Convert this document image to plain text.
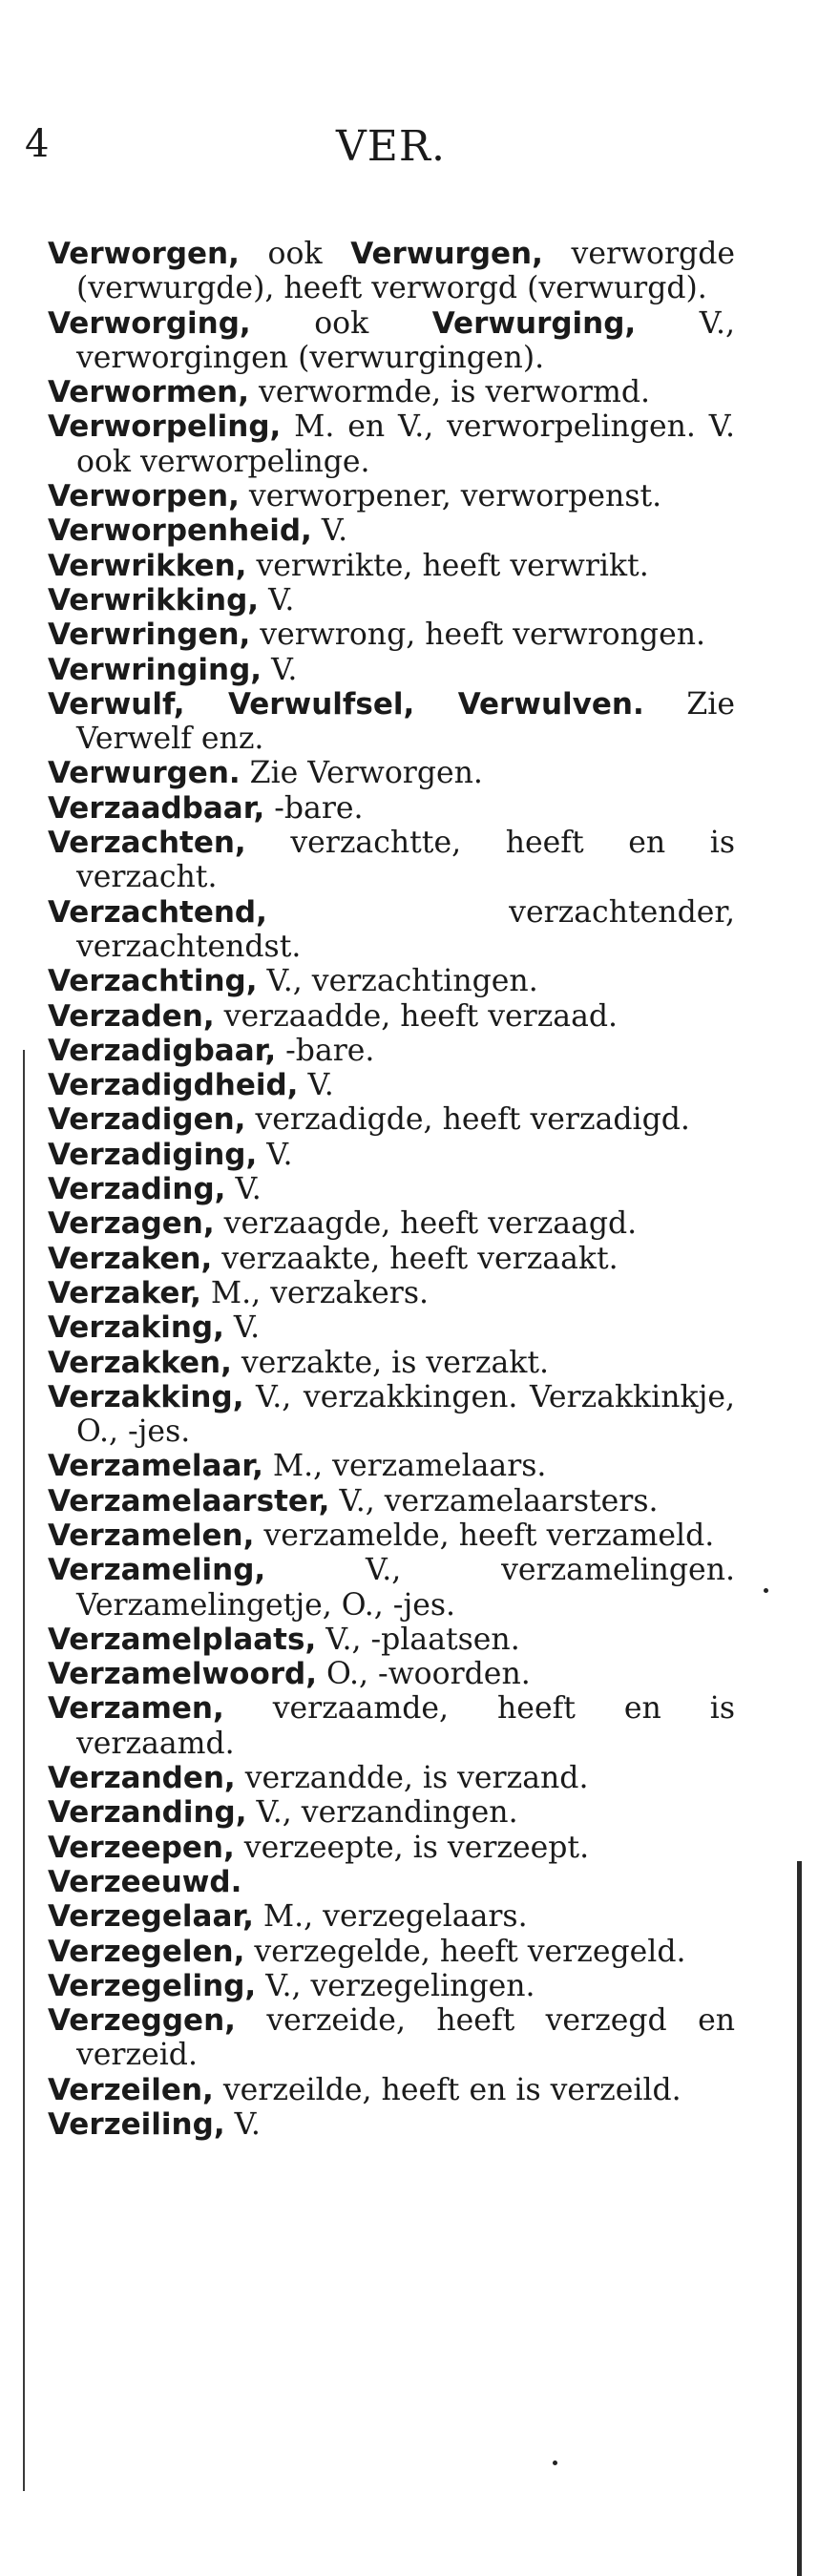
4	VER.
Verworgen, ook Verwurgen, verworgde (verwurgde), heeft verworgd (verwurgd).
Verworging, ook Verwurging, V., verworgingen (verwurgingen).
Verwormen, verwormde, is verwormd.
Verworpeling, M. en V., verworpelingen. V. ook verworpelinge.
Verworpen, verworpener, verworpenst.
Verworpenheid, V.
Verwrikken, verwrikte, heeft verwrikt.
Verwrikking, V.
Verwringen, verwrong, heeft verwrongen.
Verwringing, V.
Verwulf, Verwulfsel, Verwulven. Zie Verwelf enz.
Verwurgen. Zie Verworgen.
Verzaadbaar, -bare.
Verzachten, verzachtte, heeft en is verzacht.
Verzachtend, verzachtender, verzachtendst.
Verzachting, V., verzachtingen.
Verzaden, verzaadde, heeft verzaad.
Verzadigbaar, -bare.
Verzadigdheid, V.
Verzadigen, verzadigde, heeft verzadigd.
Verzadiging, V.
Verzading, V.
Verzagen, verzaagde, heeft verzaagd.
Verzaken, verzaakte, heeft verzaakt.
Verzaker, M., verzakers.
Verzaking, V.
Verzakken, verzakte, is verzakt.
Verzakking, V., verzakkingen. Verzakkinkje, O., -jes.
Verzamelaar, M., verzamelaars.
Verzamelaarster, V., verzamelaarsters.
Verzamelen, verzamelde, heeft verzameld.
Verzameling, V., verzamelingen. Verzamelingetje, O., -jes.
Verzamelplaats, V., -plaatsen.
Verzamelwoord, O., -woorden.
Verzamen, verzaamde, heeft en is verzaamd.
Verzanden, verzandde, is verzand.
Verzanding, V., verzandingen.
Verzeepen, verzeepte, is verzeept.
Verzeeuwd.
Verzegelaar, M., verzegelaars.
Verzegelen, verzegelde, heeft verzegeld.
Verzegeling, V., verzegelingen.
Verzeggen, verzeide, heeft verzegd en verzeid.
Verzeilen, verzeilde, heeft en is verzeild.
Verzeiling, V.
